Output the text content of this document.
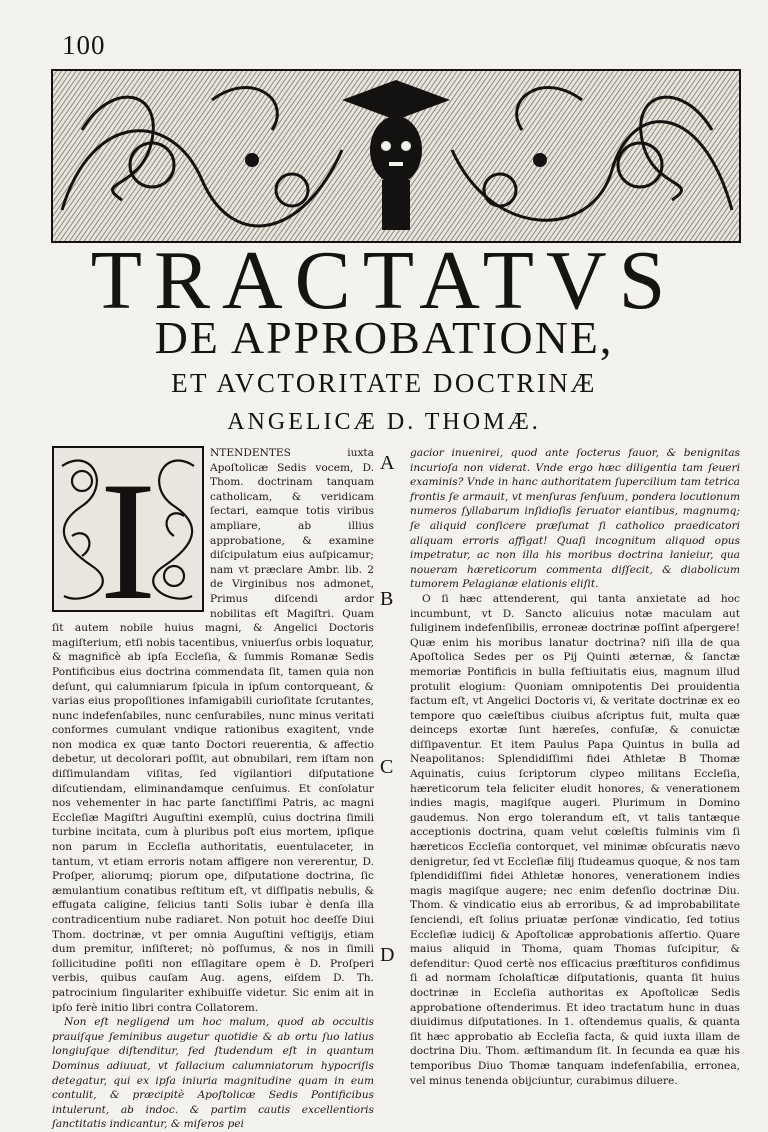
100
TRACTATVS
DE APPROBATIONE,
ET AVCTORITATE DOCTRINÆ
ANGELICÆ D. THOMÆ.
I	NTENDENTES iuxta Apoſtolicæ Sedis vocem, D. Thom. doctrinam tanquam catholicam, & veridicam ſectari, eamque totis viribus ampliare, ab illius approbatione, & examine diſcipulatum eius auſpicamur; nam vt præclare Ambr. lib. 2 de Virginibus nos admonet, Primus diſcendi ardor nobilitas eſt Magiſtri. Quam ſit autem nobile huius magni, & Angelici Doctoris magiſterium, etſi nobis tacentibus, vniuerſus orbis loquatur, & magnificè ab ipſa Eccleſia, & ſummis Romanæ Sedis Pontificibus eius doctrina commendata ſit, tamen quia non deſunt, qui calumniarum ſpicula in ipſum contorqueant, & varias eius propoſitiones infamigabili curioſitate ſcrutantes, nunc indefenſabiles, nunc cenſurabiles, nunc minus veritati conformes cumulant vndique rationibus exagitent, vnde non modica ex quæ tanto Doctori reuerentia, & affectio debetur, ut decolorari poſſit, aut obnubilari, rem iſtam non diſſimulandam viſitas, ſed vigilantiori diſputatione diſcutiendam, eliminandamque cenſuimus. Et conſolatur nos vehementer in hac parte ſanctiſſimi Patris, ac magni Eccleſiæ Magiſtri Auguſtini exemplū, cuius doctrina ſimili turbine incitata, cum à pluribus poſt eius mortem, ipſique non parum in Eccleſia authoritatis, euentulaceter, in tantum, vt etiam erroris notam affigere non vererentur, D. Proſper, aliorumq; piorum ope, diſputatione doctrina, ſic æmulantium conatibus reſtitum eſt, vt diſſipatis nebulis, & effugata caligine, ſelicius tanti Solis iubar è denſa illa contradicentium nube radiaret. Non potuit hoc deeſſe Diui Thom. doctrinæ, vt per omnia Auguſtini veſtigijs, etiam dum premitur, inſiſteret; nò poſſumus, & nos in ſimili ſollicitudine poſiti non eſſlagitare opem è D. Proſperi verbis, quibus cauſam Aug. agens, eiſdem D. Th. patrocinium ſingulariter exhibuiſſe videtur. Sic enim ait in ipſo ferè initio libri contra Collatorem.

Non eſt negligend um hoc malum, quod ab occultis prauiſque ſeminibus augetur quotidie & ab ortu ſuo latius longiuſque diſtenditur, ſed ſtudendum eſt in quantum Dominus adiuuat, vt fallacium calumniatorum hypocriſis detegatur, qui ex ipſa iniuria magnitudine quam in eum contulit, & præcipitè Apoſtolicæ Sedis Pontificibus intulerunt, ab indoc. & partim cautis excellentioris ſanctitatis indicantur, & miſeros pei

A
B
C
D

gacior inuenirei, quod ante ſocterus fauor, & benignitas incurioſa non viderat. Vnde ergo hæc diligentia tam ſeueri examinis? Vnde in hanc authoritatem ſupercilium tam tetrica frontis ſe armauit, vt menſuras ſenſuum, pondera locutionum numeros ſyllabarum inſidioſis ſeruator eiantibus, magnumq; ſe aliquid conſicere præſumat ſi catholico praedicatori aliquam erroris affigat! Quaſi incognitum aliquod opus impetratur, ac non illa his moribus doctrina lanieiur, qua noueram hæreticorum commenta diſſecit, & diabolicum tumorem Pelagianæ elationis eliſit.

O ſi hæc attenderent, qui tanta anxietate ad hoc incumbunt, vt D. Sancto alicuius notæ maculam aut fuliginem indefenſibilis, erroneæ doctrinæ poſſint aſpergere! Quæ enim his moribus lanatur doctrina? niſi illa de qua Apoſtolica Sedes per os Pij Quinti æternæ, & ſanctæ memoriæ Pontificis in bulla feſtiuitatis eius, magnum illud protulit elogium: Quoniam omnipotentis Dei prouidentia factum eſt, vt Angelici Doctoris vi, & veritate doctrinæ ex eo tempore quo cæleſtibus ciuibus aſcriptus fuit, multa quæ deinceps exortæ ſunt hæreſes, confuſæ, & conuictæ diſſipaventur. Et item Paulus Papa Quintus in bulla ad Neapolitanos: Splendidiſſimi fidei Athletæ B Thomæ Aquinatis, cuius ſcriptorum clypeo militans Eccleſia, hæreticorum tela feliciter eludit honores, & venerationem indies magis, magiſque augeri. Plurimum in Domino gaudemus. Non ergo tolerandum eſt, vt talis tantæque acceptionis doctrina, quam velut cœleſtis fulminis vim ſi hæreticos Eccleſia contorquet, vel minimæ obſcuratis nævo denigretur, ſed vt Eccleſiæ filij ſtudeamus quoque, & nos tam ſplendidiſſimi fidei Athletæ honores, venerationem indies magis magiſque augere; nec enim defenſio doctrinæ Diu. Thom. & vindicatio eius ab erroribus, & ad improbabilitate ſenciendi, eſt ſolius priuatæ perſonæ vindicatio, ſed totius Eccleſiæ iudicij & Apoſtolicæ approbationis aſſertio. Quare maius aliquid in Thoma, quam Thomas ſuſcipitur, & defenditur: Quod certè nos eſſicacius præſtituros confidimus ſi ad normam ſcholaſticæ diſputationis, quanta ſit huius doctrinæ in Eccleſia authoritas ex Apoſtolicæ Sedis approbatione oſtenderimus. Et ideo tractatum hunc in duas diuidimus diſputationes. In 1. oſtendemus qualis, & quanta ſit hæc approbatio ab Eccleſia facta, & quid iuxta illam de doctrina Diu. Thom. æſtimandum ſit. In ſecunda ea quæ his temporibus Diuo Thomæ tanquam indefenſabilia, erronea, vel minus tenenda obijciuntur, curabimus diluere.
